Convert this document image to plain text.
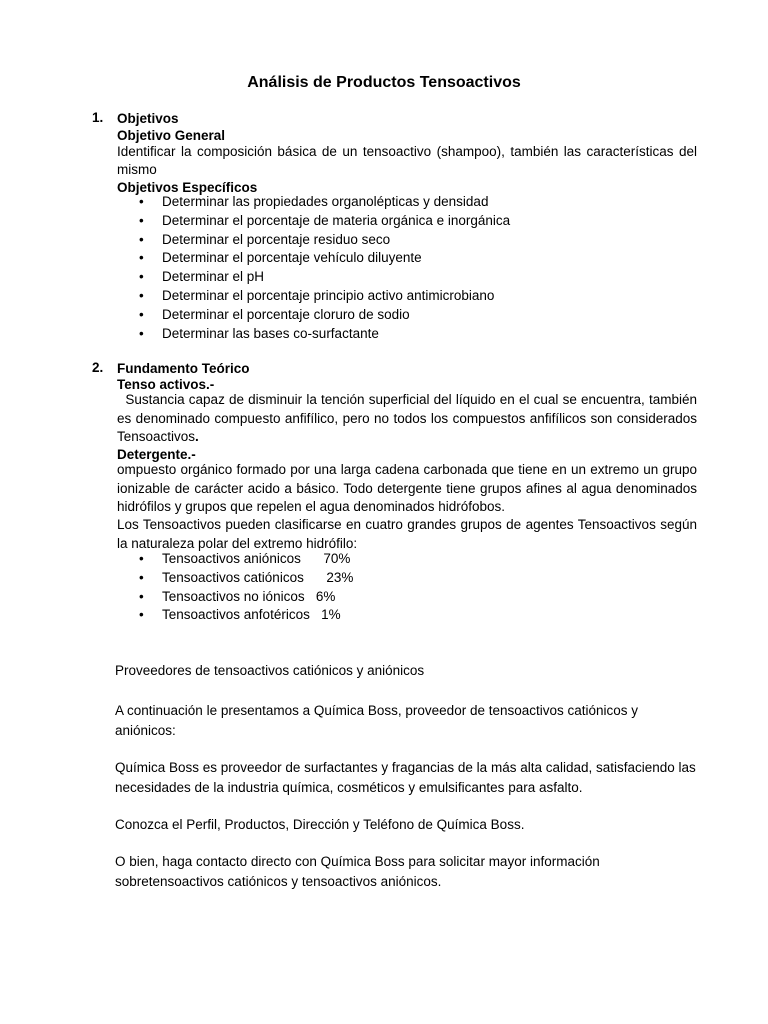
Análisis de Productos Tensoactivos
1. Objetivos
Objetivo General
Identificar la composición básica de un tensoactivo (shampoo), también las características del mismo
Objetivos Específicos
• Determinar las propiedades organolépticas y densidad
• Determinar el porcentaje de materia orgánica e inorgánica
• Determinar el porcentaje residuo seco
• Determinar el porcentaje vehículo diluyente
• Determinar el pH
• Determinar el porcentaje principio activo antimicrobiano
• Determinar el porcentaje cloruro de sodio
• Determinar las bases co-surfactante
2. Fundamento Teórico
Tenso activos.-
Sustancia capaz de disminuir la tención superficial del líquido en el cual se encuentra, también es denominado compuesto anfifílico, pero no todos los compuestos anfifílicos son considerados Tensoactivos.
Detergente.-
ompuesto orgánico formado por una larga cadena carbonada que tiene en un extremo un grupo ionizable de carácter acido a básico. Todo detergente tiene grupos afines al agua denominados hidrófilos y grupos que repelen el agua denominados hidrófobos.
Los Tensoactivos pueden clasificarse en cuatro grandes grupos de agentes Tensoactivos según la naturaleza polar del extremo hidrófilo:
• Tensoactivos aniónicos      70%
• Tensoactivos catiónicos      23%
• Tensoactivos no iónicos   6%
• Tensoactivos anfotéricos   1%
Proveedores de tensoactivos catiónicos y aniónicos
A continuación le presentamos a Química Boss, proveedor de tensoactivos catiónicos y aniónicos:
Química Boss es proveedor de surfactantes y fragancias de la más alta calidad, satisfaciendo las necesidades de la industria química, cosméticos y emulsificantes para asfalto.
Conozca el Perfil, Productos, Dirección y Teléfono de Química Boss.
O bien, haga contacto directo con Química Boss para solicitar mayor información sobretensoactivos catiónicos y tensoactivos aniónicos.
